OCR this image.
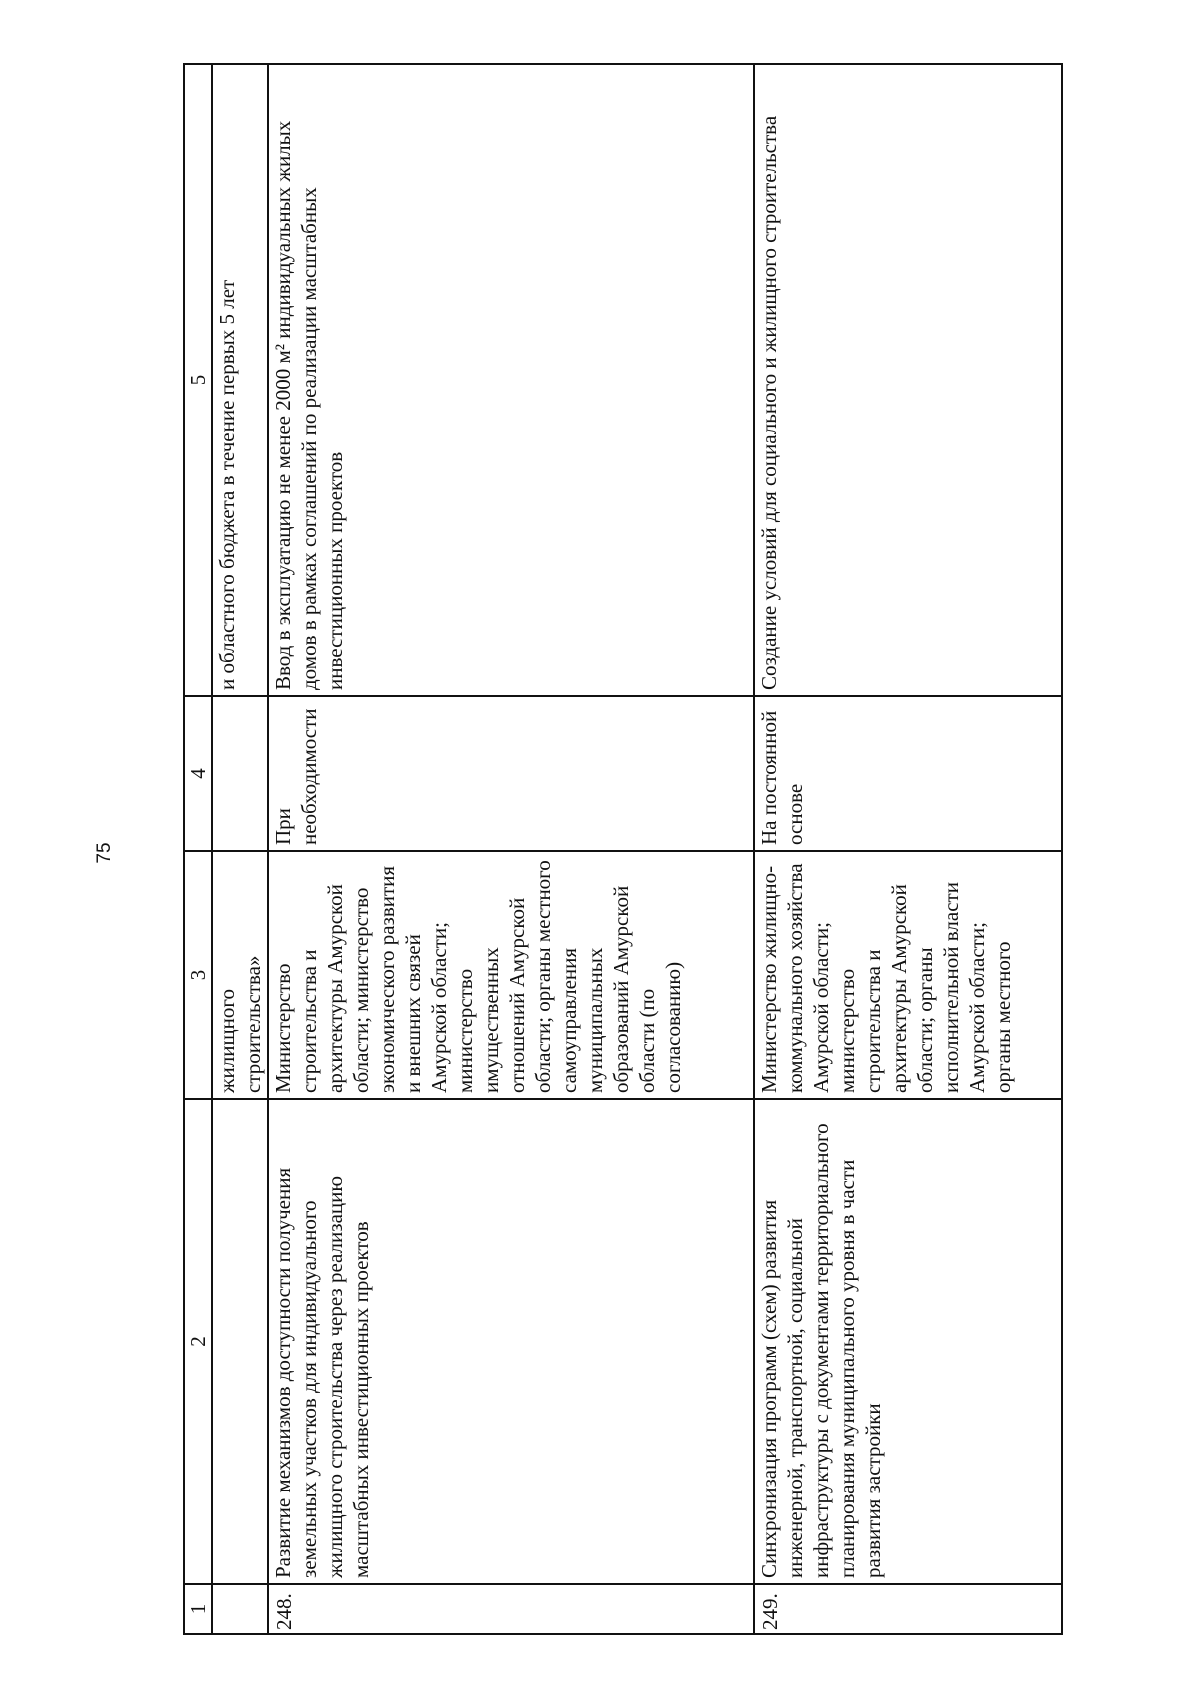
75
1	2	3	4	5
		жилищного строительства»		и областного бюджета в течение первых 5 лет
248.	Развитие механизмов доступности получения земельных участков для индивидуального жилищного строительства через реализацию масштабных инвестиционных проектов	Министерство строительства и архитектуры Амурской области; министерство экономического развития и внешних связей Амурской области; министерство имущественных отношений Амурской области; органы местного самоуправления муниципальных образований Амурской области (по согласованию)	При необходимости	Ввод в эксплуатацию не менее 2000 м² индивидуальных жилых домов в рамках соглашений по реализации масштабных инвестиционных проектов
249.	Синхронизация программ (схем) развития инженерной, транспортной, социальной инфраструктуры с документами территориального планирования муниципального уровня в части развития застройки	Министерство жилищно-коммунального хозяйства Амурской области; министерство строительства и архитектуры Амурской области; органы исполнительной власти Амурской области; органы местного	На постоянной основе	Создание условий для социального и жилищного строительства
